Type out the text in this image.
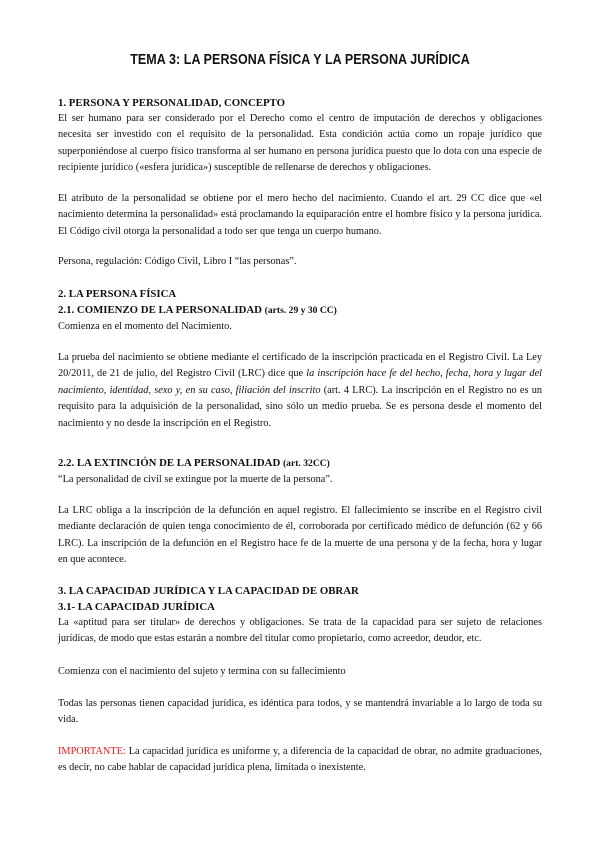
TEMA 3: LA PERSONA FÍSICA Y LA PERSONA JURÍDICA

1. PERSONA Y PERSONALIDAD, CONCEPTO

El ser humano para ser considerado por el Derecho como el centro de imputación de derechos y obligaciones necesita ser investido con el requisito de la personalidad. Esta condición actúa como un ropaje jurídico que superponiéndose al cuerpo físico transforma al ser humano en persona jurídica puesto que lo dota con una especie de recipiente jurídico («esfera jurídica») susceptible de rellenarse de derechos y obligaciones.

El atributo de la personalidad se obtiene por el mero hecho del nacimiento. Cuando el art. 29 CC dice que «el nacimiento determina la personalidad» está proclamando la equiparación entre el hombre físico y la persona jurídica. El Código civil otorga la personalidad a todo ser que tenga un cuerpo humano.
Persona, regulación: Código Civil, Libro I “las personas”.

2. LA PERSONA FÍSICA

2.1. COMIENZO DE LA PERSONALIDAD (arts. 29 y 30 CC)

Comienza en el momento del Nacimiento.

La prueba del nacimiento se obtiene mediante el certificado de la inscripción practicada en el Registro Civil. La Ley 20/2011, de 21 de julio, del Registro Civil (LRC) dice que la inscripción hace fe del hecho, fecha, hora y lugar del nacimiento, identidad, sexo y, en su caso, filiación del inscrito (art. 4 LRC). La inscripción en el Registro no es un requisito para la adquisición de la personalidad, sino sólo un medio prueba. Se es persona desde el momento del nacimiento y no desde la inscripción en el Registro.

2.2. LA EXTINCIÓN DE LA PERSONALIDAD (art. 32CC)

“La personalidad de civil se extingue por la muerte de la persona”.

La LRC obliga a la inscripción de la defunción en aquel registro. El fallecimiento se inscribe en el Registro civil mediante declaración de quien tenga conocimiento de él, corroborada por certificado médico de defunción (62 y 66 LRC). La inscripción de la defunción en el Registro hace fe de la muerte de una persona y de la fecha, hora y lugar en que acontece.

3. LA CAPACIDAD JURÍDICA Y LA CAPACIDAD DE OBRAR

3.1- LA CAPACIDAD JURÍDICA

La «aptitud para ser titular» de derechos y obligaciones. Se trata de la capacidad para ser sujeto de relaciones jurídicas, de modo que estas estarán a nombre del titular como propietario, como acreedor, deudor, etc.

Comienza con el nacimiento del sujeto y termina con su fallecimiento
Todas las personas tienen capacidad jurídica, es idéntica para todos, y se mantendrá invariable a lo largo de toda su vida.
IMPORTANTE: La capacidad jurídica es uniforme y, a diferencia de la capacidad de obrar, no admite graduaciones, es decir, no cabe hablar de capacidad jurídica plena, limitada o inexistente.
